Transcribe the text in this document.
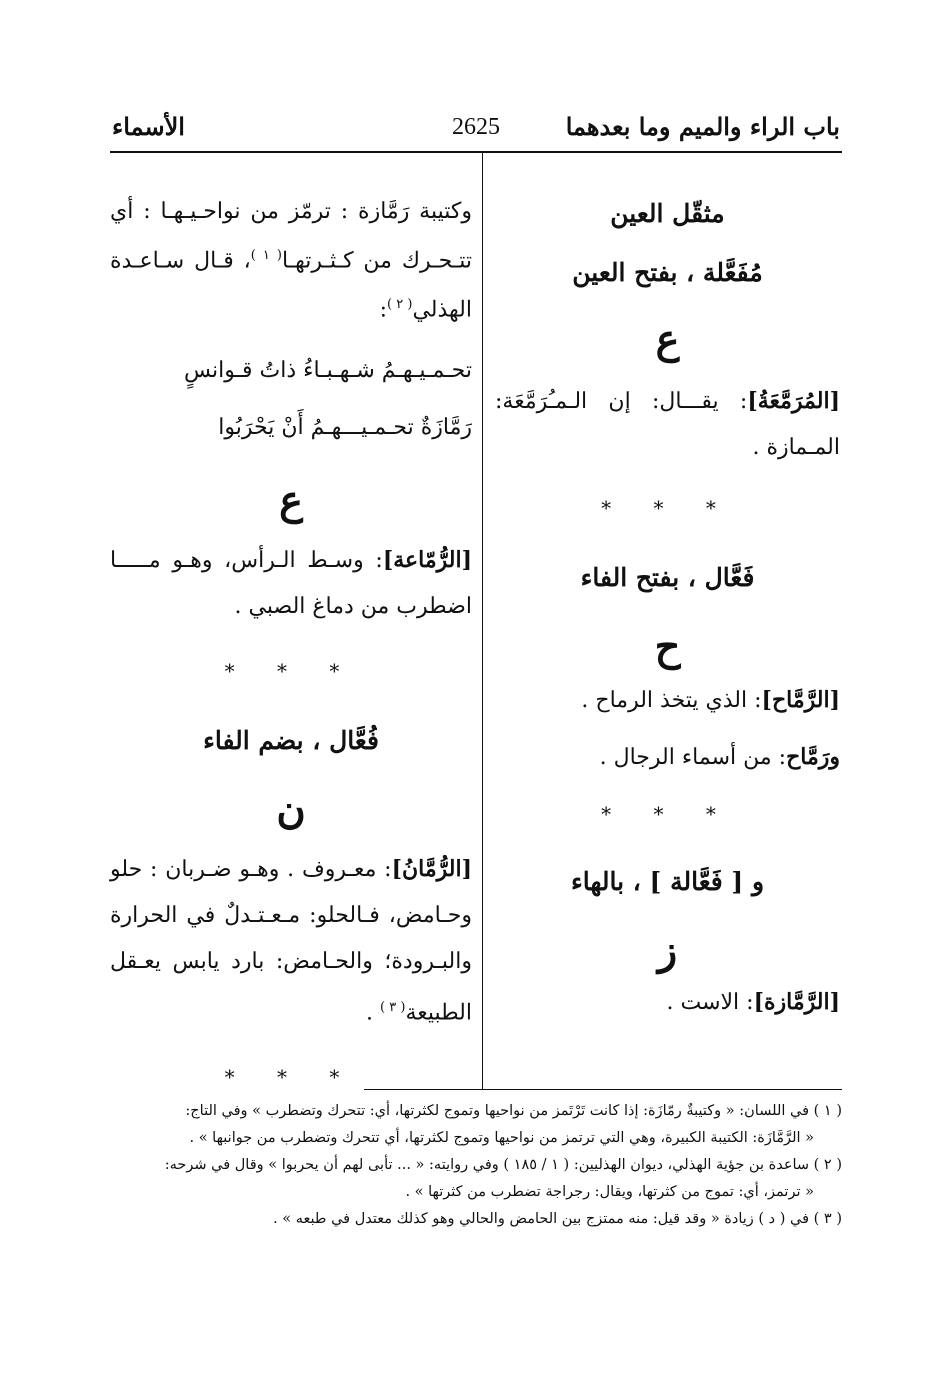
باب الراء والميم وما بعدهما
2625
الأسماء
مثقّل العين
مُفَعَّلة ، بفتح العين
ع
[المُرَمَّعَةُ]: يقـــال: إن الـمـُرَمَّعَة: المـمازة .
* * *
فَعَّال ، بفتح الفاء
ح
[الرَّمَّاح]: الذي يتخذ الرماح .
ورَمَّاح: من أسماء الرجال .
* * *
و [ فَعَّالة ] ، بالهاء
ز
[الرَّمَّازة]: الاست .
وكتيبة رَمَّازة : ترمّز من نواحـيـهـا : أي تتـحـرك من كـثـرتهـا$^{( ١ )}$، قـال سـاعـدة الهذلي$^{( ٢ )}$:
تحـمـيـهـمُ شـهـبـاءُ ذاتُ قـوانسٍ
رَمَّازَةٌ تحـمـيـــهـمُ أَنْ يَحْرَبُوا
ع
[الرُّمّاعة]: وسـط الـرأس، وهـو مـــــا اضطرب من دماغ الصبي .
* * *
فُعَّال ، بضم الفاء
ن
[الرُّمَّانُ]: معـروف . وهـو ضـربان : حلو وحـامض، فـالحلو: مـعـتـدلٌ في الحرارة والبـرودة؛ والحـامض: بارد يابس يعـقل الطبيعة$^{( ٣ )}$ .
* * *
( ١ ) في اللسان: « وكتيبةٌ رمّازَة: إذا كانت تَرْتَمز من نواحيها وتموج لكثرتها، أي: تتحرك وتضطرب » وفي التاج:
« الرَّمَّازَة: الكتيبة الكبيرة، وهي التي ترتمز من نواحيها وتموج لكثرتها، أي تتحرك وتضطرب من جوانبها » .
( ٢ ) ساعدة بن جؤية الهذلي، ديوان الهذليين: ( ١ / ١٨٥ ) وفي روايته: « ... تأبى لهم أن يحربوا » وقال في شرحه:
« ترتمز، أي: تموج من كثرتها، ويقال: رجراجة تضطرب من كثرتها » .
( ٣ ) في ( د ) زيادة « وقد قيل: منه ممتزج بين الحامض والحالي وهو كذلك معتدل في طبعه » .
